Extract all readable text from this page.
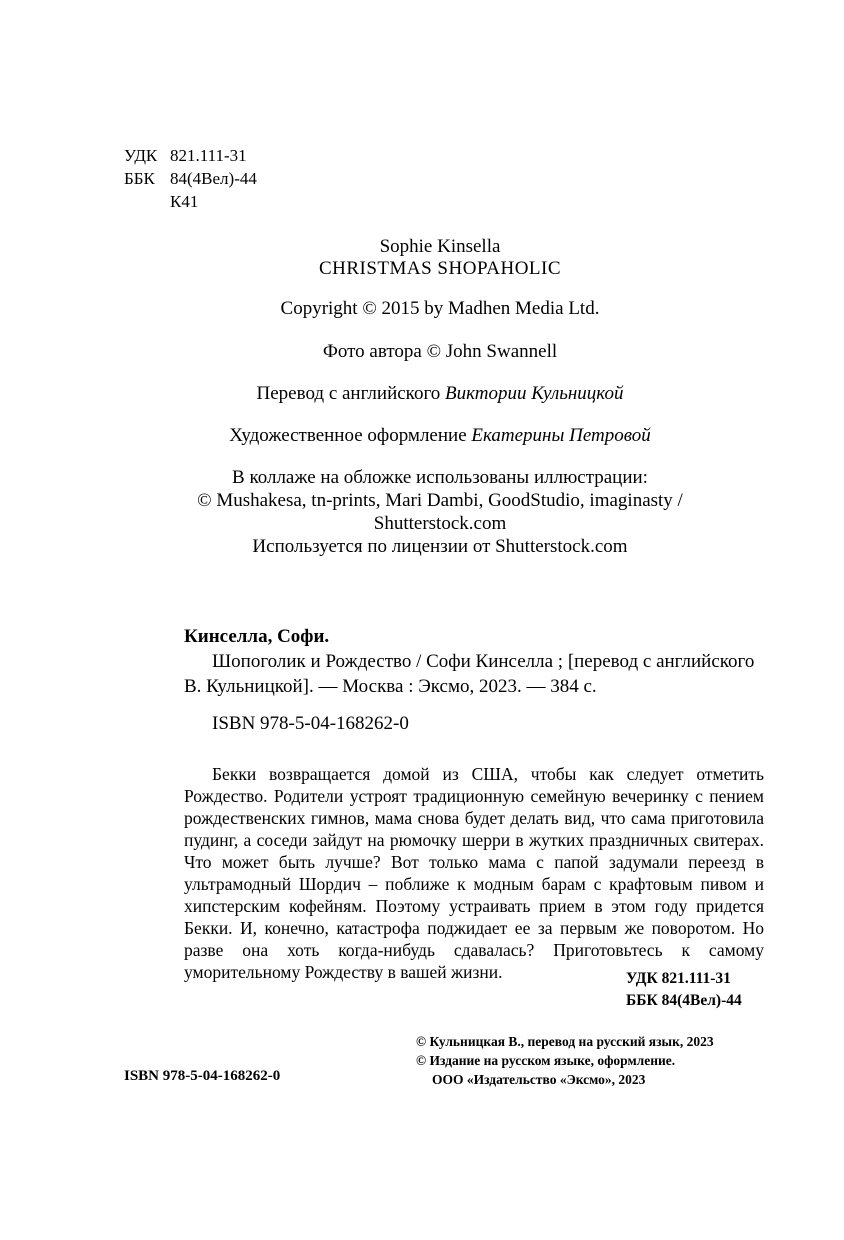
УДК 821.111-31
ББК 84(4Вел)-44
К41
Sophie Kinsella
CHRISTMAS SHOPAHOLIC
Copyright © 2015 by Madhen Media Ltd.
Фото автора © John Swannell
Перевод с английского Виктории Кульницкой
Художественное оформление Екатерины Петровой
В коллаже на обложке использованы иллюстрации:
© Mushakesa, tn-prints, Mari Dambi, GoodStudio, imaginasty /
Shutterstock.com
Используется по лицензии от Shutterstock.com
Кинселла, Софи.
Шопоголик и Рождество / Софи Кинселла ; [перевод с английского В. Кульницкой]. — Москва : Эксмо, 2023. — 384 с.
ISBN 978-5-04-168262-0

Бекки возвращается домой из США, чтобы как следует отметить Рождество. Родители устроят традиционную семейную вечеринку с пением рождественских гимнов, мама снова будет делать вид, что сама приготовила пудинг, а соседи зайдут на рюмочку шерри в жутких праздничных свитерах. Что может быть лучше? Вот только мама с папой задумали переезд в ультрамодный Шордич – поближе к модным барам с крафтовым пивом и хипстерским кофейням. Поэтому устраивать прием в этом году придется Бекки. И, конечно, катастрофа поджидает ее за первым же поворотом. Но разве она хоть когда-нибудь сдавалась? Приготовьтесь к самому уморительному Рождеству в вашей жизни.	УДК 821.111-31
ББК 84(4Вел)-44
© Кульницкая В., перевод на русский язык, 2023
© Издание на русском языке, оформление.
ООО «Издательство «Эксмо», 2023
ISBN 978-5-04-168262-0
